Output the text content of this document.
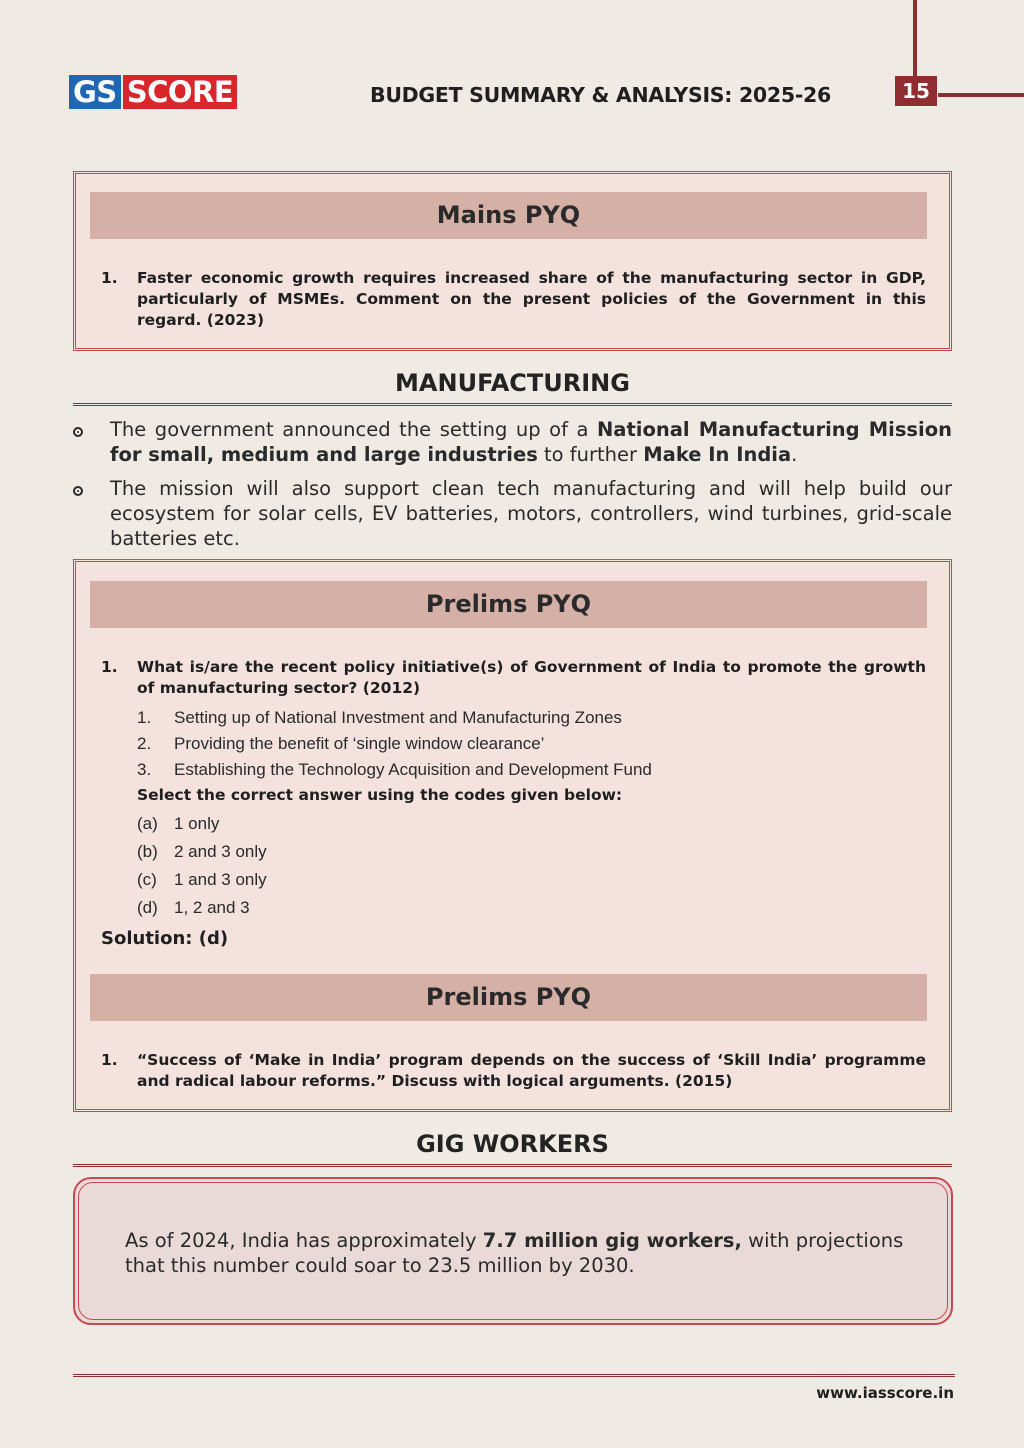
GS SCORE	BUDGET SUMMARY & ANALYSIS: 2025-26	15
Mains PYQ
1. Faster economic growth requires increased share of the manufacturing sector in GDP, particularly of MSMEs. Comment on the present policies of the Government in this regard. (2023)
MANUFACTURING
The government announced the setting up of a National Manufacturing Mission for small, medium and large industries to further Make In India.
The mission will also support clean tech manufacturing and will help build our ecosystem for solar cells, EV batteries, motors, controllers, wind turbines, grid-scale batteries etc.
Prelims PYQ
1. What is/are the recent policy initiative(s) of Government of India to promote the growth of manufacturing sector? (2012)
1. Setting up of National Investment and Manufacturing Zones
2. Providing the benefit of ‘single window clearance’
3. Establishing the Technology Acquisition and Development Fund
Select the correct answer using the codes given below:
(a) 1 only
(b) 2 and 3 only
(c) 1 and 3 only
(d) 1, 2 and 3
Solution: (d)
Prelims PYQ
1. “Success of ‘Make in India’ program depends on the success of ‘Skill India’ programme and radical labour reforms.” Discuss with logical arguments. (2015)
GIG WORKERS
As of 2024, India has approximately 7.7 million gig workers, with projections that this number could soar to 23.5 million by 2030.
www.iasscore.in
